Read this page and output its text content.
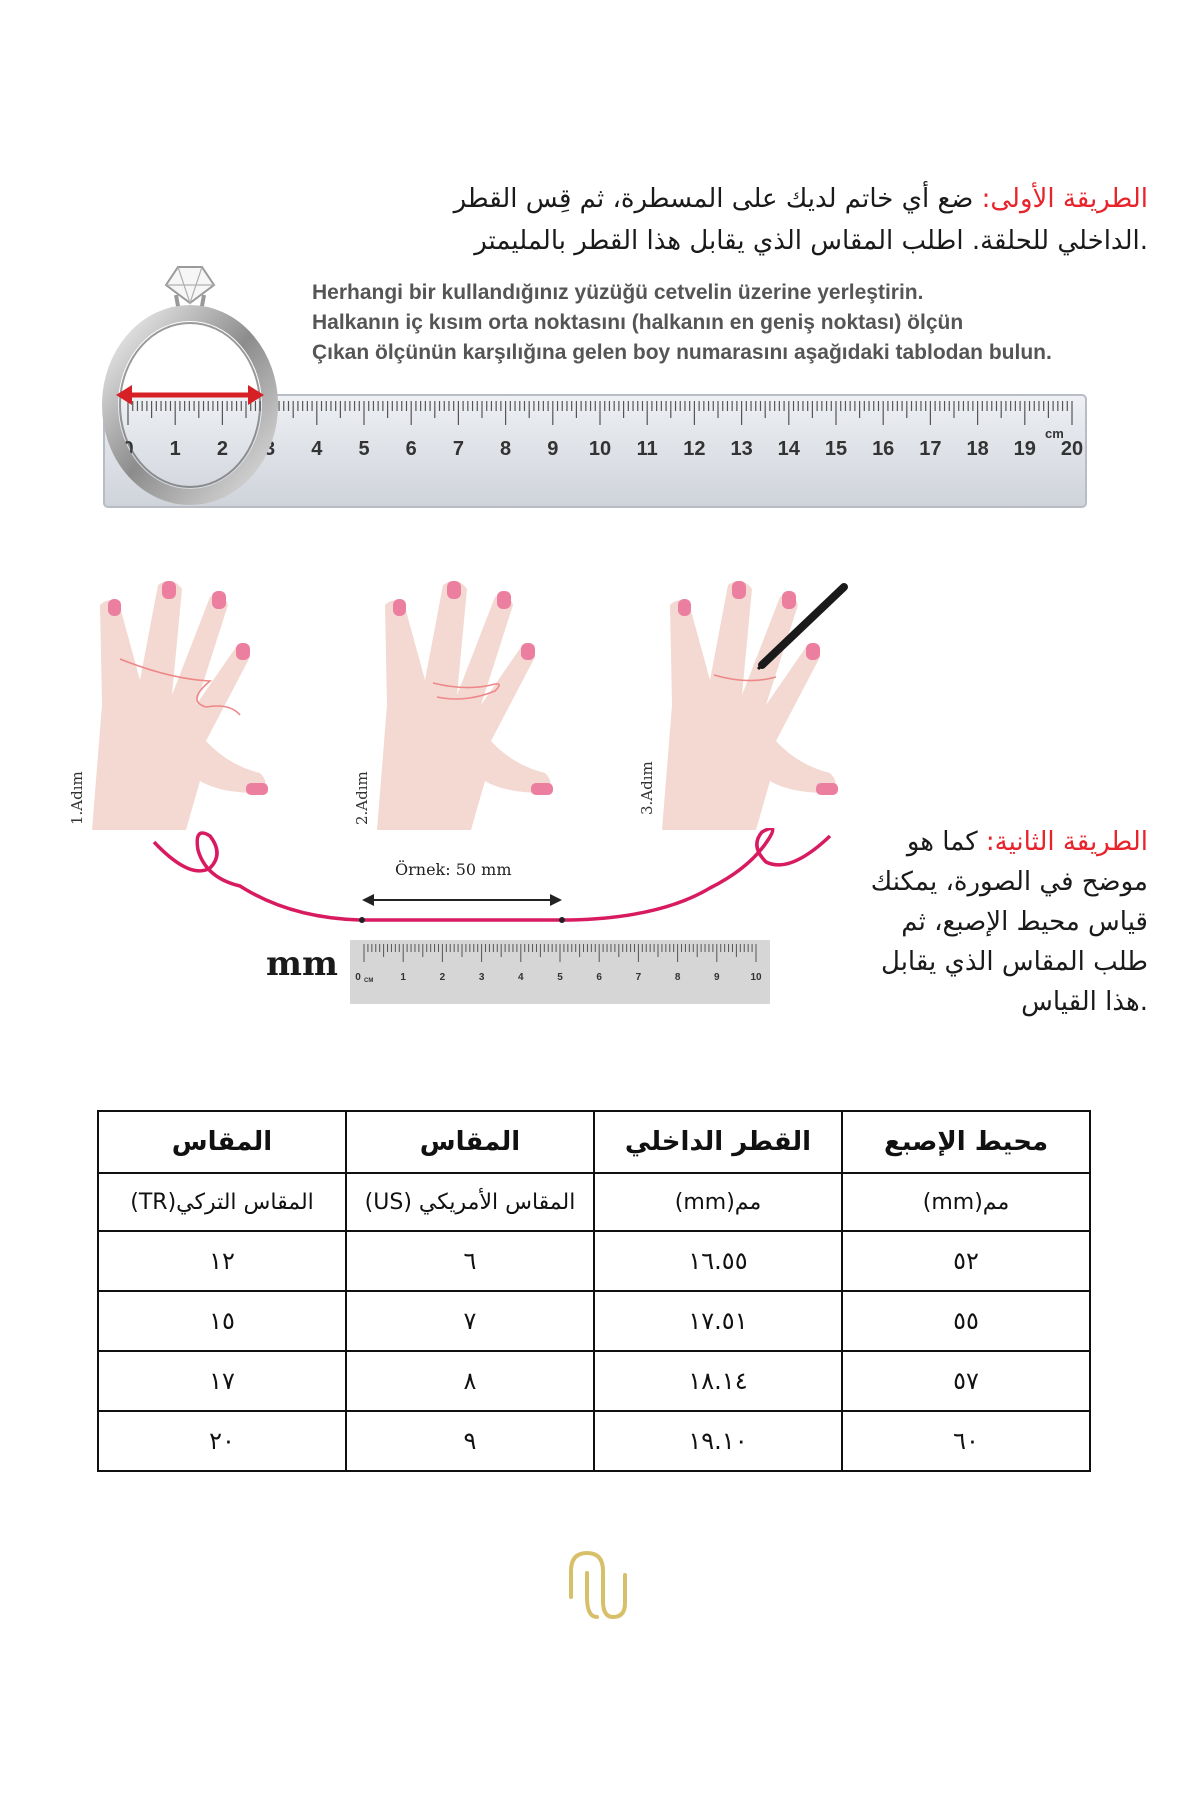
الطريقة الأولى: ضع أي خاتم لديك على المسطرة، ثم قِس القطر
.الداخلي للحلقة. اطلب المقاس الذي يقابل هذا القطر بالمليمتر
0 1 2 3 4 5 6 7 8 9 10 11 12 13 14 15 16 17 18 19 20
cm
Herhangi bir kullandığınız yüzüğü cetvelin üzerine yerleştirin.
Halkanın iç kısım orta noktasını (halkanın en geniş noktası) ölçün
Çıkan ölçünün karşılığına gelen boy numarasını aşağıdaki tablodan bulun.
1.Adım	2.Adım	3.Adım
الطريقة الثانية: كما هو
موضح في الصورة، يمكنك
قياس محيط الإصبع، ثم
طلب المقاس الذي يقابل
.هذا القياس
Örnek: 50 mm
mm	1	2	3	4	5	6	7	8	9	10
0 CM
محيط الإصبع	القطر الداخلي	المقاس	المقاس
مم(mm)	مم(mm)	المقاس الأمريكي (US)	المقاس التركي(TR)
٥٢	١٦.٥٥	٦	١٢
٥٥	١٧.٥١	٧	١٥
٥٧	١٨.١٤	٨	١٧
٦٠	١٩.١٠	٩	٢٠
